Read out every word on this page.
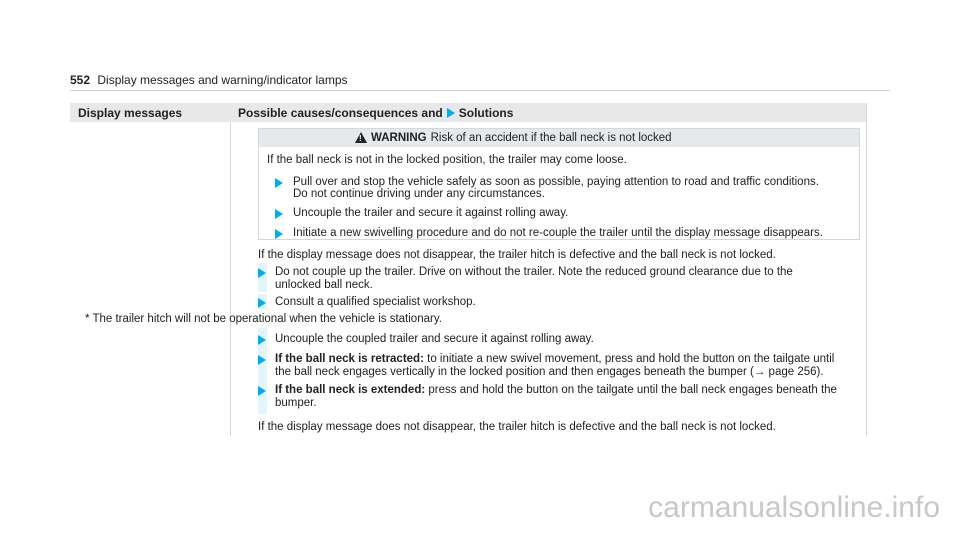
552 Display messages and warning/indicator lamps
Display messages	Possible causes/consequences and Solutions
!
WARNING Risk of an accident if the ball neck is not locked
If the ball neck is not in the locked position, the trailer may come loose.
Pull over and stop the vehicle safely as soon as possible, paying attention to road and traffic conditions.
Do not continue driving under any circumstances.
Uncouple the trailer and secure it against rolling away.
Initiate a new swivelling procedure and do not re-couple the trailer until the display message disappears.
If the display message does not disappear, the trailer hitch is defective and the ball neck is not locked.
Do not couple up the trailer. Drive on without the trailer. Note the reduced ground clearance due to the
unlocked ball neck.
Consult a qualified specialist workshop.
* The trailer hitch will not be operational when the vehicle is stationary.
Uncouple the coupled trailer and secure it against rolling away.
If the ball neck is retracted: to initiate a new swivel movement, press and hold the button on the tailgate until
the ball neck engages vertically in the locked position and then engages beneath the bumper (→ page 256).
If the ball neck is extended: press and hold the button on the tailgate until the ball neck engages beneath the
bumper.
If the display message does not disappear, the trailer hitch is defective and the ball neck is not locked.
carmanualsonline.info
